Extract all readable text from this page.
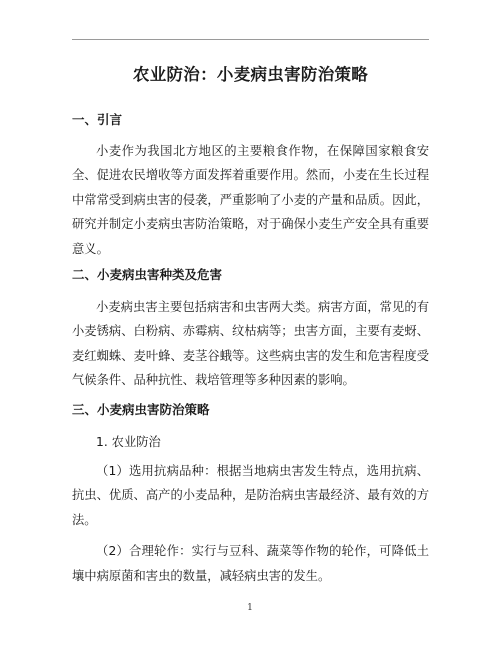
农业防治：小麦病虫害防治策略
一、引言

小麦作为我国北方地区的主要粮食作物，在保障国家粮食安全、促进农民增收等方面发挥着重要作用。然而，小麦在生长过程中常常受到病虫害的侵袭，严重影响了小麦的产量和品质。因此，研究并制定小麦病虫害防治策略，对于确保小麦生产安全具有重要意义。

二、小麦病虫害种类及危害

小麦病虫害主要包括病害和虫害两大类。病害方面，常见的有小麦锈病、白粉病、赤霉病、纹枯病等；虫害方面，主要有麦蚜、麦红蜘蛛、麦叶蜂、麦茎谷蛾等。这些病虫害的发生和危害程度受气候条件、品种抗性、栽培管理等多种因素的影响。

三、小麦病虫害防治策略
1. 农业防治

（1）选用抗病品种：根据当地病虫害发生特点，选用抗病、抗虫、优质、高产的小麦品种，是防治病虫害最经济、最有效的方法。

（2）合理轮作：实行与豆科、蔬菜等作物的轮作，可降低土壤中病原菌和害虫的数量，减轻病虫害的发生。

1
